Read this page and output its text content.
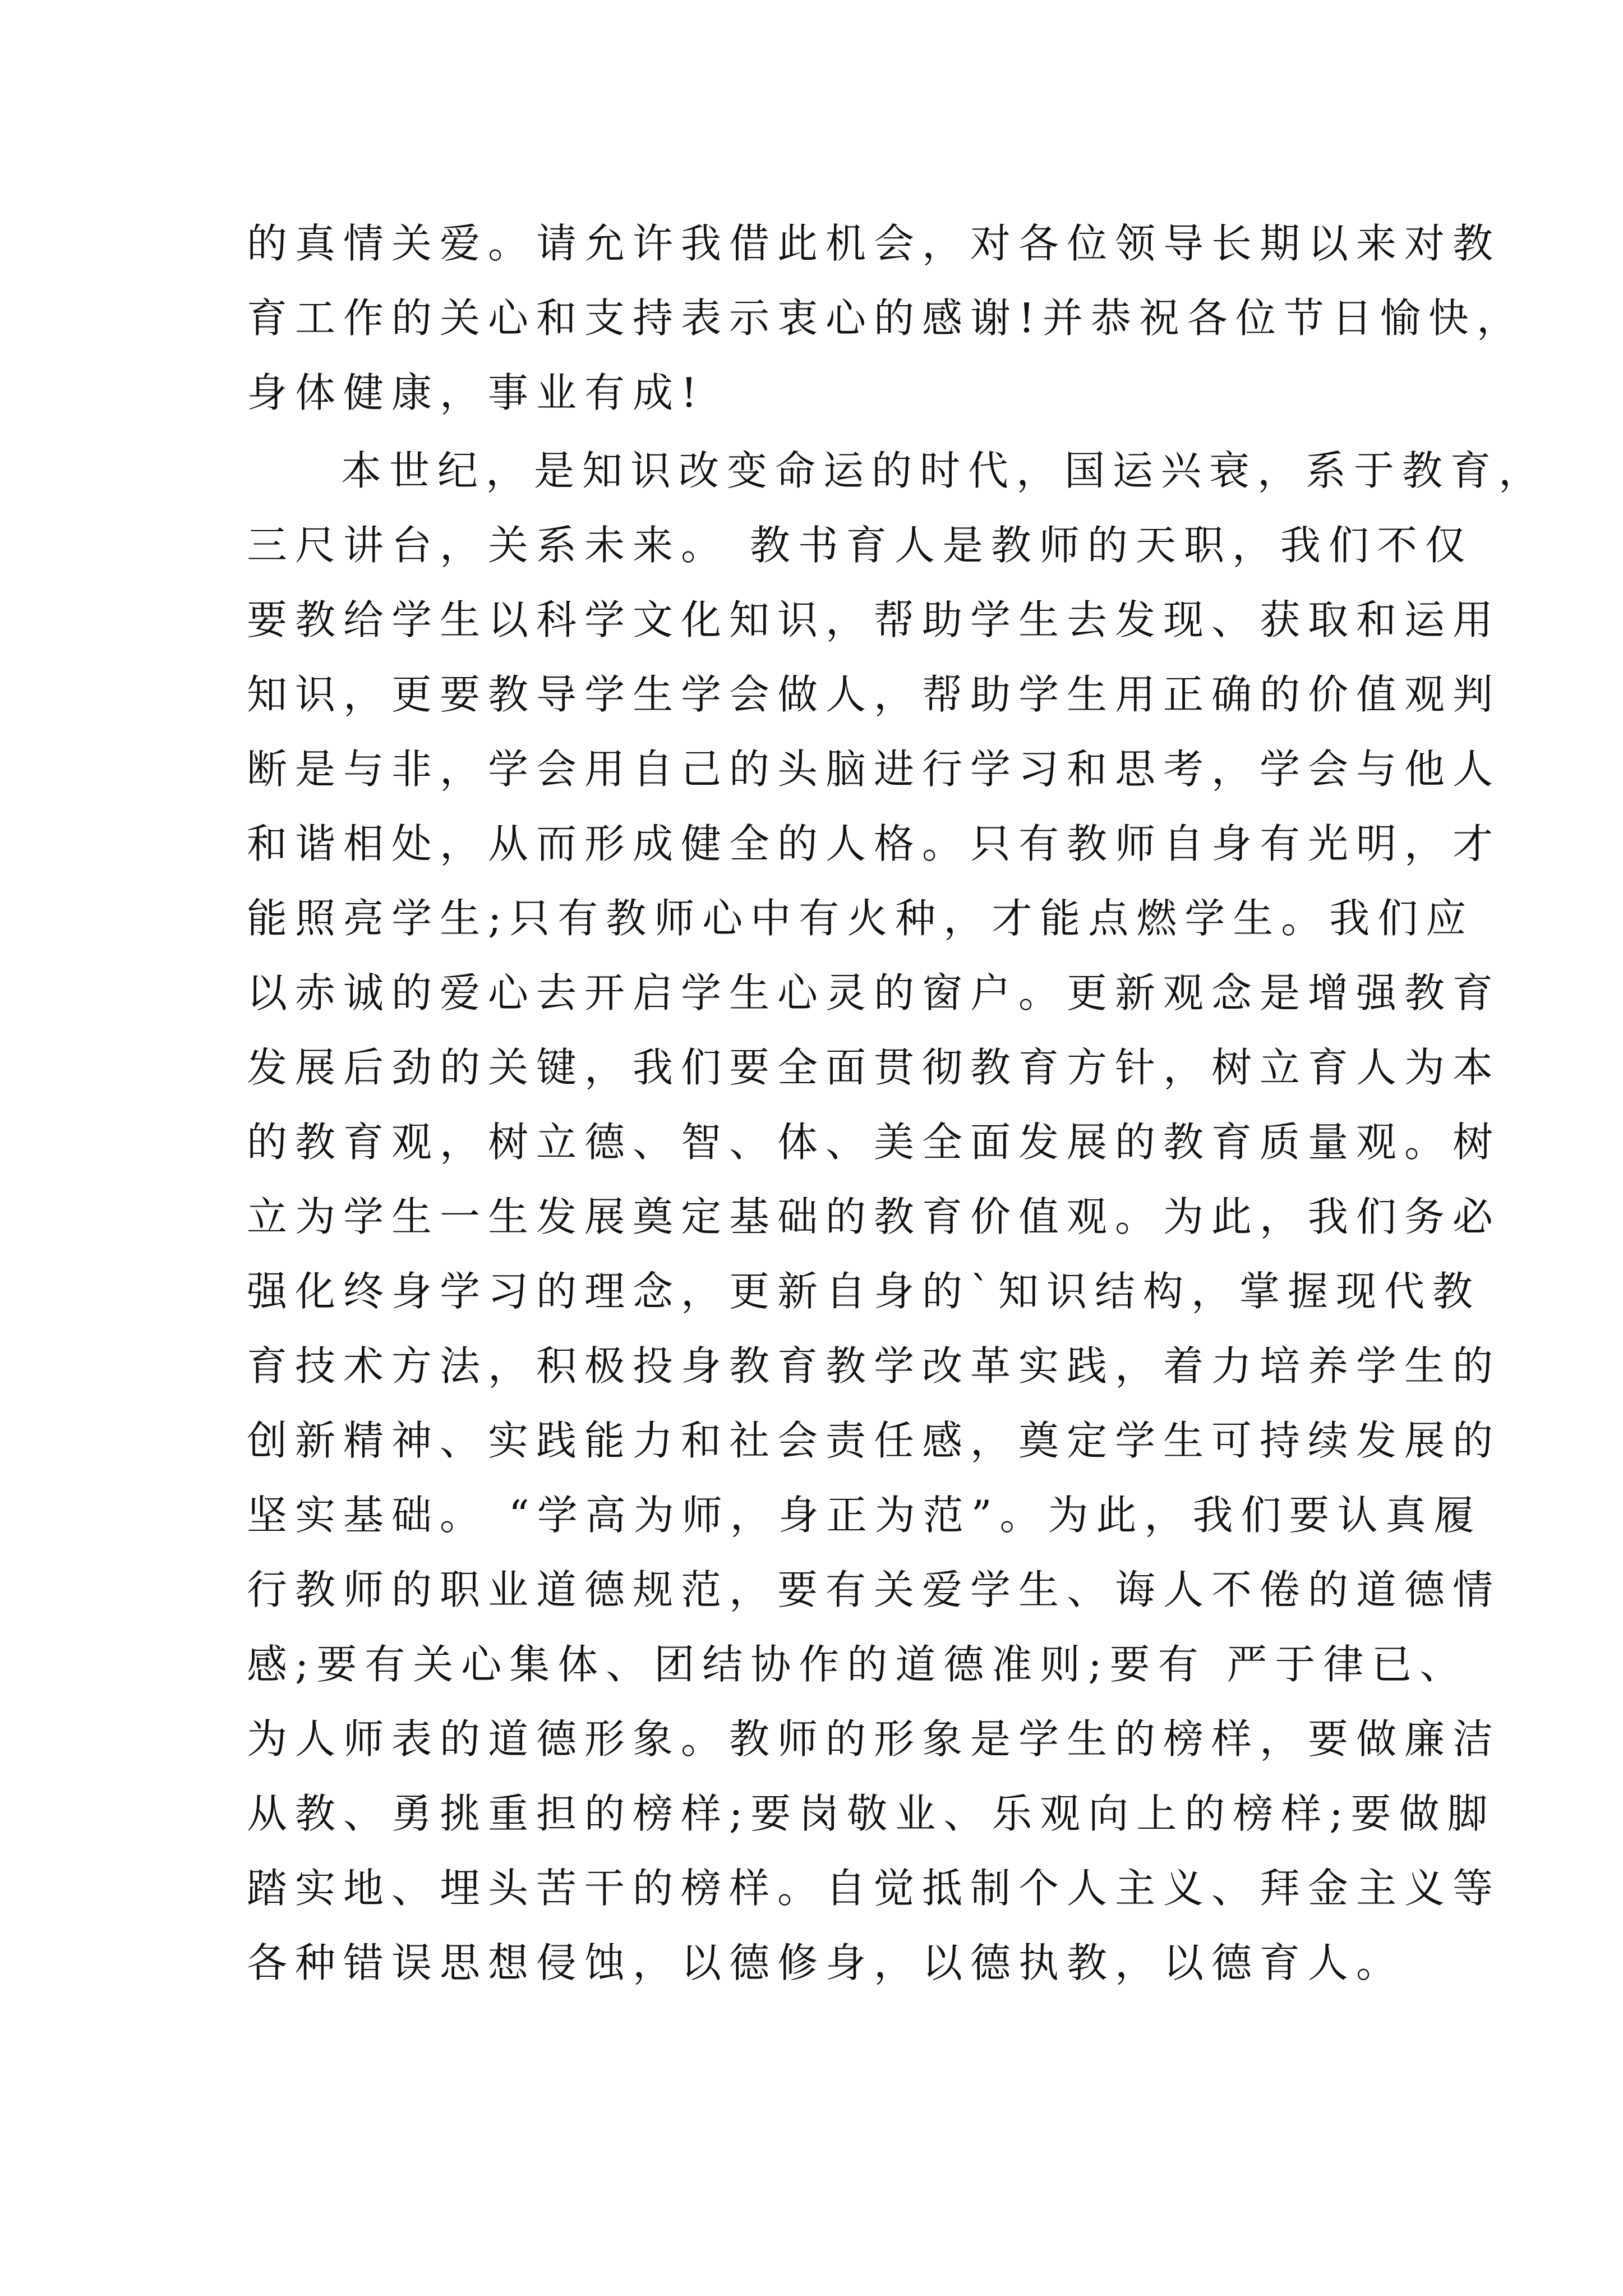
的真情关爱。请允许我借此机会，对各位领导长期以来对教
育工作的关心和支持表示衷心的感谢!并恭祝各位节日愉快，
身体健康，事业有成!
本世纪，是知识改变命运的时代，国运兴衰，系于教育，
三尺讲台，关系未来。 教书育人是教师的天职，我们不仅
要教给学生以科学文化知识，帮助学生去发现、获取和运用
知识，更要教导学生学会做人，帮助学生用正确的价值观判
断是与非，学会用自己的头脑进行学习和思考，学会与他人
和谐相处，从而形成健全的人格。只有教师自身有光明，才
能照亮学生;只有教师心中有火种，才能点燃学生。我们应
以赤诚的爱心去开启学生心灵的窗户。更新观念是增强教育
发展后劲的关键，我们要全面贯彻教育方针，树立育人为本
的教育观，树立德、智、体、美全面发展的教育质量观。树
立为学生一生发展奠定基础的教育价值观。为此，我们务必
强化终身学习的理念，更新自身的`知识结构，掌握现代教
育技术方法，积极投身教育教学改革实践，着力培养学生的
创新精神、实践能力和社会责任感，奠定学生可持续发展的
坚实基础。 “学高为师，身正为范”。为此，我们要认真履
行教师的职业道德规范，要有关爱学生、诲人不倦的道德情
感;要有关心集体、团结协作的道德准则;要有 严于律已、
为人师表的道德形象。教师的形象是学生的榜样，要做廉洁
从教、勇挑重担的榜样;要岗敬业、乐观向上的榜样;要做脚
踏实地、埋头苦干的榜样。自觉抵制个人主义、拜金主义等
各种错误思想侵蚀，以德修身，以德执教，以德育人。
